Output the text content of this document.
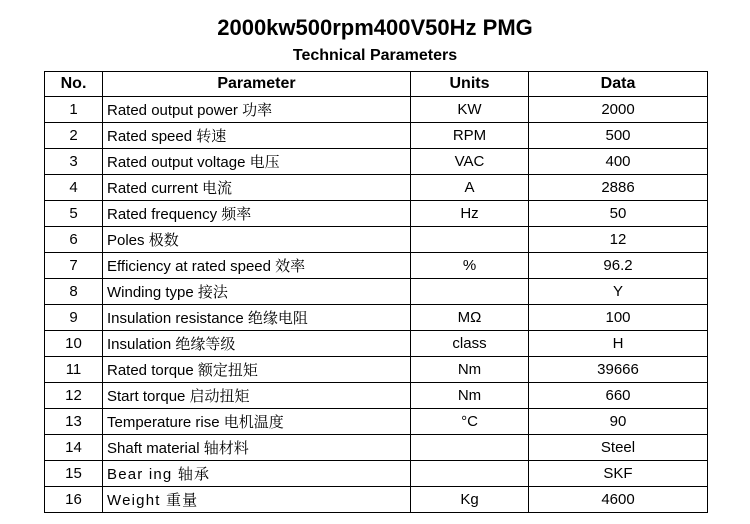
2000kw500rpm400V50Hz PMG
Technical Parameters
No.	Parameter	Units	Data
1	Rated output power 功率	KW	2000
2	Rated speed 转速	RPM	500
3	Rated output voltage 电压	VAC	400
4	Rated current 电流	A	2886
5	Rated frequency 频率	Hz	50
6	Poles 极数		12
7	Efficiency at rated speed 效率	%	96.2
8	Winding type 接法		Y
9	Insulation resistance 绝缘电阻	MΩ	100
10	Insulation 绝缘等级	class	H
11	Rated torque 额定扭矩	Nm	39666
12	Start torque 启动扭矩	Nm	660
13	Temperature rise 电机温度	°C	90
14	Shaft material 轴材料		Steel
15	Bear ing 轴承		SKF
16	Weight 重量	Kg	4600
